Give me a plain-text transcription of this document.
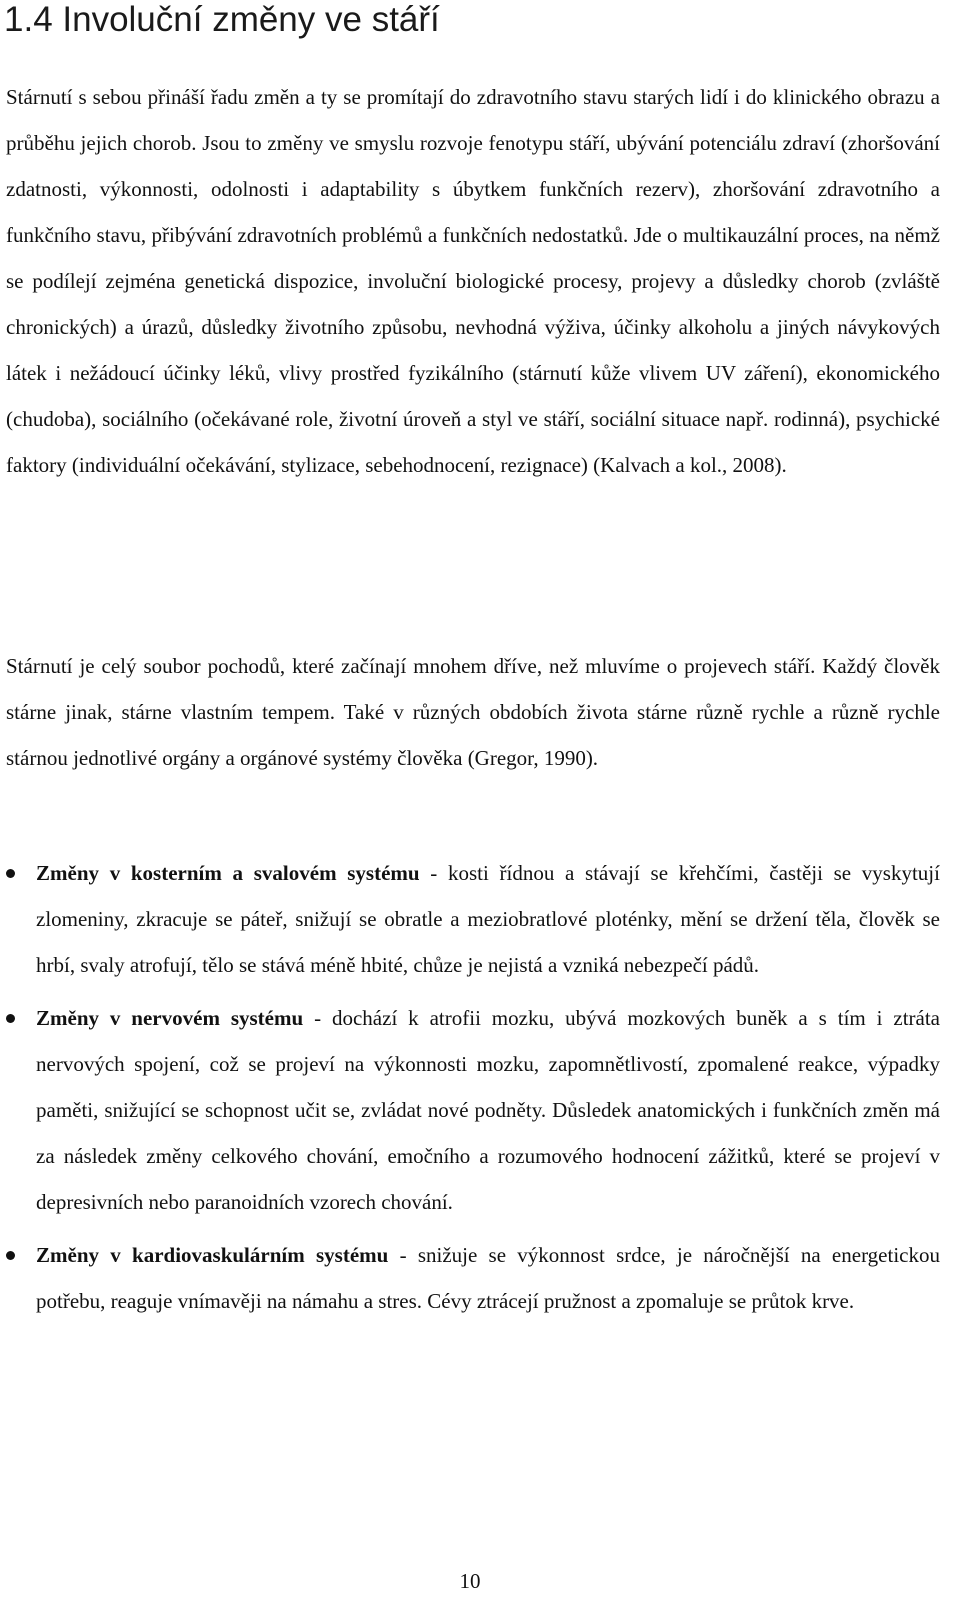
1.4 Involuční změny ve stáří

Stárnutí s sebou přináší řadu změn a ty se promítají do zdravotního stavu starých lidí i do klinického obrazu a průběhu jejich chorob. Jsou to změny ve smyslu rozvoje fenotypu stáří, ubývání potenciálu zdraví (zhoršování zdatnosti, výkonnosti, odolnosti i adaptability s úbytkem funkčních rezerv), zhoršování zdravotního a funkčního stavu, přibývání zdravotních problémů a funkčních nedostatků. Jde o multikauzální proces, na němž se podílejí zejména genetická dispozice, involuční biologické procesy, projevy a důsledky chorob (zvláště chronických) a úrazů, důsledky životního způsobu, nevhodná výživa, účinky alkoholu a jiných návykových látek i nežádoucí účinky léků, vlivy prostřed fyzikálního (stárnutí kůže vlivem UV záření), ekonomického (chudoba), sociálního (očekávané role, životní úroveň a styl ve stáří, sociální situace např. rodinná), psychické faktory (individuální očekávání, stylizace, sebehodnocení, rezignace) (Kalvach a kol., 2008).

Stárnutí je celý soubor pochodů, které začínají mnohem dříve, než mluvíme o projevech stáří. Každý člověk stárne jinak, stárne vlastním tempem. Také v různých obdobích života stárne různě rychle a různě rychle stárnou jednotlivé orgány a orgánové systémy člověka (Gregor, 1990).

Změny v kosterním a svalovém systému - kosti řídnou a stávají se křehčími, častěji se vyskytují zlomeniny, zkracuje se páteř, snižují se obratle a meziobratlové ploténky, mění se držení těla, člověk se hrbí, svaly atrofují, tělo se stává méně hbité, chůze je nejistá a vzniká nebezpečí pádů.
Změny v nervovém systému - dochází k atrofii mozku, ubývá mozkových buněk a s tím i ztráta nervových spojení, což se projeví na výkonnosti mozku, zapomnětlivostí, zpomalené reakce, výpadky paměti, snižující se schopnost učit se, zvládat nové podněty. Důsledek anatomických i funkčních změn má za následek změny celkového chování, emočního a rozumového hodnocení zážitků, které se projeví v depresivních nebo paranoidních vzorech chování.
Změny v kardiovaskulárním systému - snižuje se výkonnost srdce, je náročnější na energetickou potřebu, reaguje vnímavěji na námahu a stres. Cévy ztrácejí pružnost a zpomaluje se průtok krve.
10
